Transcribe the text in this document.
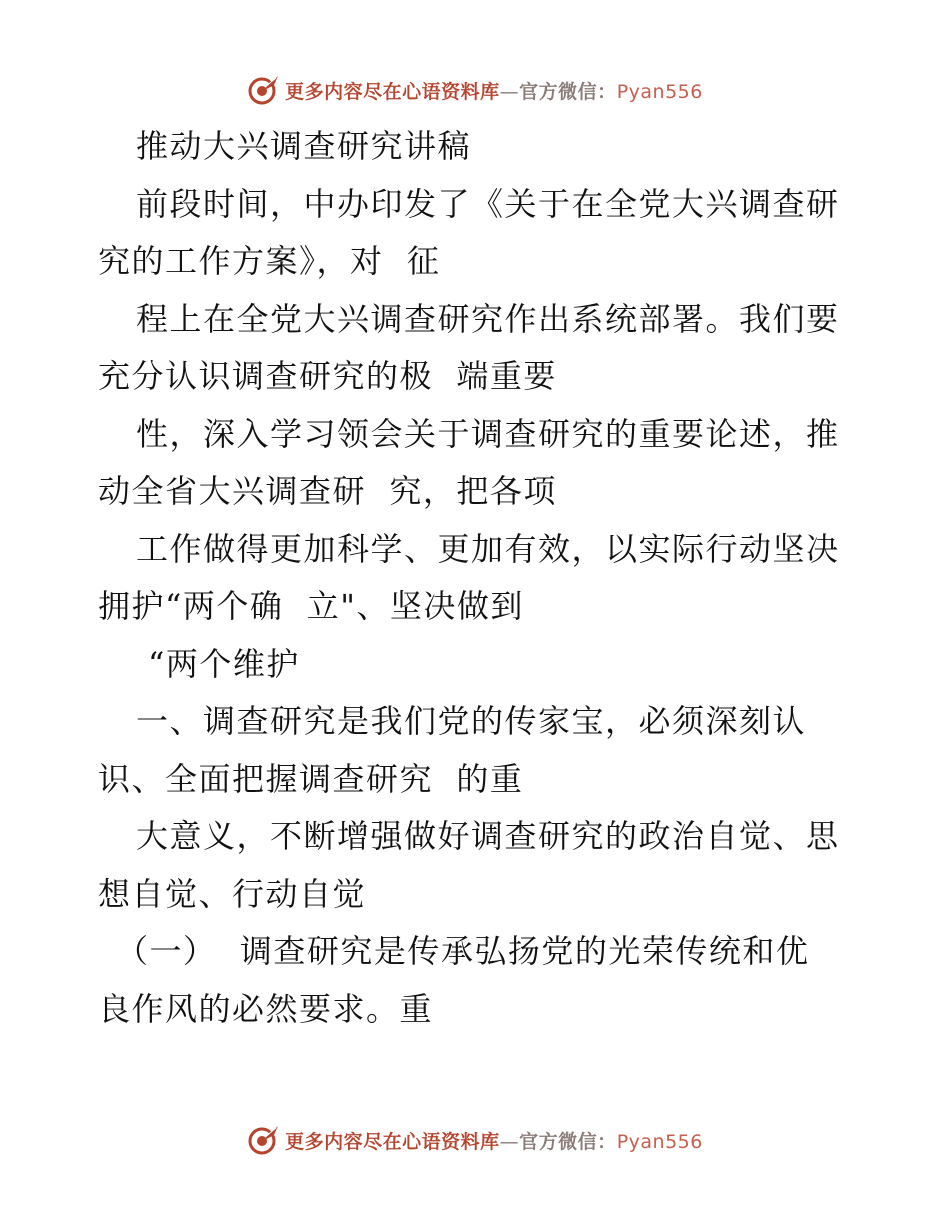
更多内容尽在心语资料库—官方微信：Pyan556
推动大兴调查研究讲稿
前段时间，中办印发了《关于在全党大兴调查研
究的工作方案》，对  征
程上在全党大兴调查研究作出系统部署。我们要
充分认识调查研究的极  端重要
性，深入学习领会关于调查研究的重要论述，推
动全省大兴调查研  究，把各项
工作做得更加科学、更加有效，以实际行动坚决
拥护“两个确  立"、坚决做到
“两个维护
一、调查研究是我们党的传家宝，必须深刻认
识、全面把握调查研究  的重
大意义，不断增强做好调查研究的政治自觉、思
想自觉、行动自觉
（一）  调查研究是传承弘扬党的光荣传统和优
良作风的必然要求。重
更多内容尽在心语资料库—官方微信：Pyan556
